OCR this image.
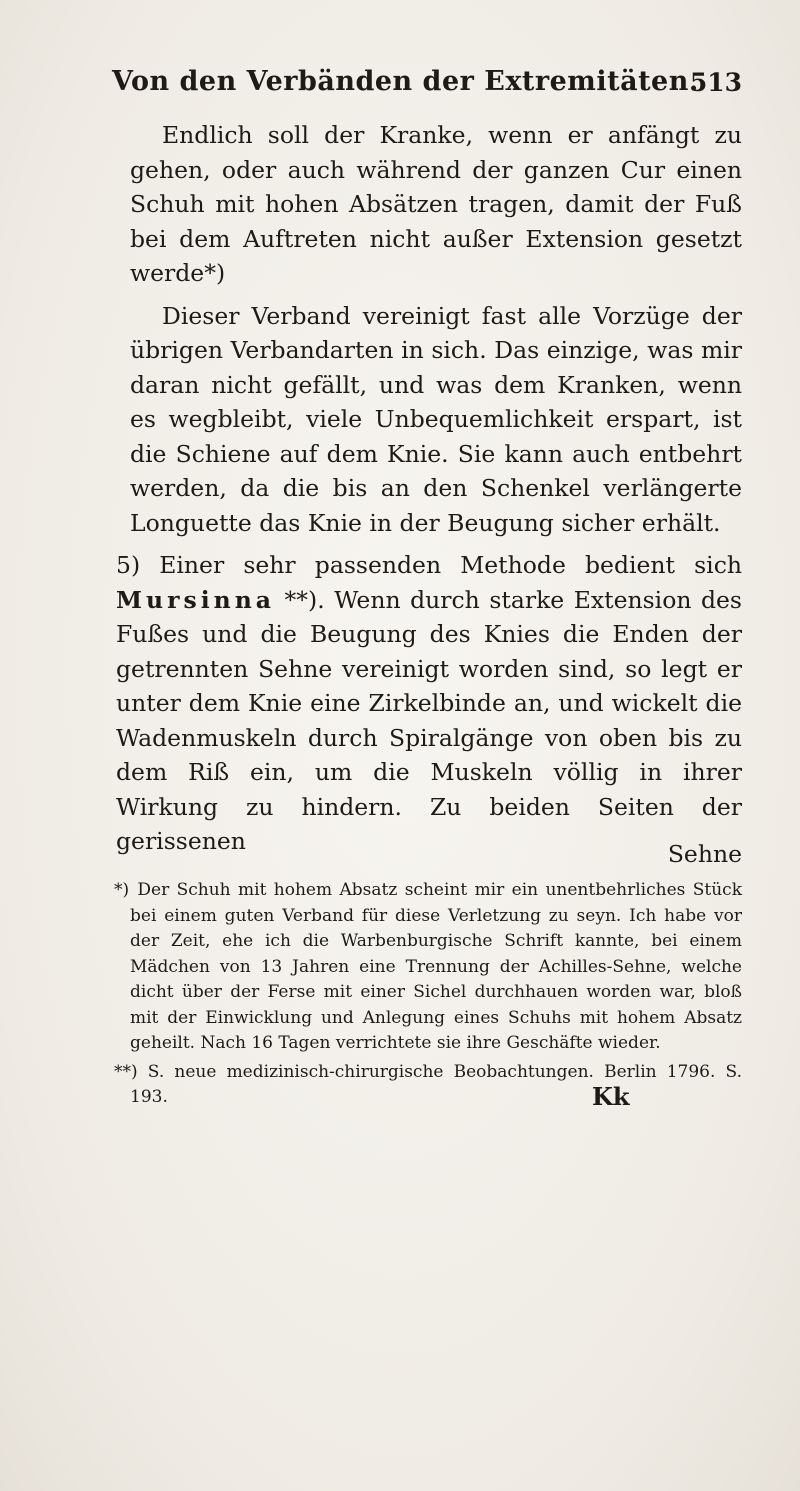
Von den Verbänden der Extremitäten.
513

Endlich soll der Kranke, wenn er anfängt zu gehen, oder auch während der ganzen Cur einen Schuh mit hohen Absätzen tragen, damit der Fuß bei dem Auftreten nicht außer Extension gesetzt werde*)

Dieser Verband vereinigt fast alle Vorzüge der übrigen Verbandarten in sich. Das einzige, was mir daran nicht gefällt, und was dem Kranken, wenn es wegbleibt, viele Unbequemlichkeit erspart, ist die Schiene auf dem Knie. Sie kann auch entbehrt werden, da die bis an den Schenkel verlängerte Longuette das Knie in der Beugung sicher erhält.

5) Einer sehr passenden Methode bedient sich Mursinna **). Wenn durch starke Extension des Fußes und die Beugung des Knies die Enden der getrennten Sehne vereinigt worden sind, so legt er unter dem Knie eine Zirkelbinde an, und wickelt die Wadenmuskeln durch Spiralgänge von oben bis zu dem Riß ein, um die Muskeln völlig in ihrer Wirkung zu hindern. Zu beiden Seiten der gerissenen	Sehne

*) Der Schuh mit hohem Absatz scheint mir ein unentbehrliches Stück bei einem guten Verband für diese Verletzung zu seyn. Ich habe vor der Zeit, ehe ich die Warbenburgische Schrift kannte, bei einem Mädchen von 13 Jahren eine Trennung der Achilles-Sehne, welche dicht über der Ferse mit einer Sichel durchhauen worden war, bloß mit der Einwicklung und Anlegung eines Schuhs mit hohem Absatz geheilt. Nach 16 Tagen verrichtete sie ihre Geschäfte wieder.

**) S. neue medizinisch-chirurgische Beobachtungen. Berlin 1796. S. 193.	Kk
